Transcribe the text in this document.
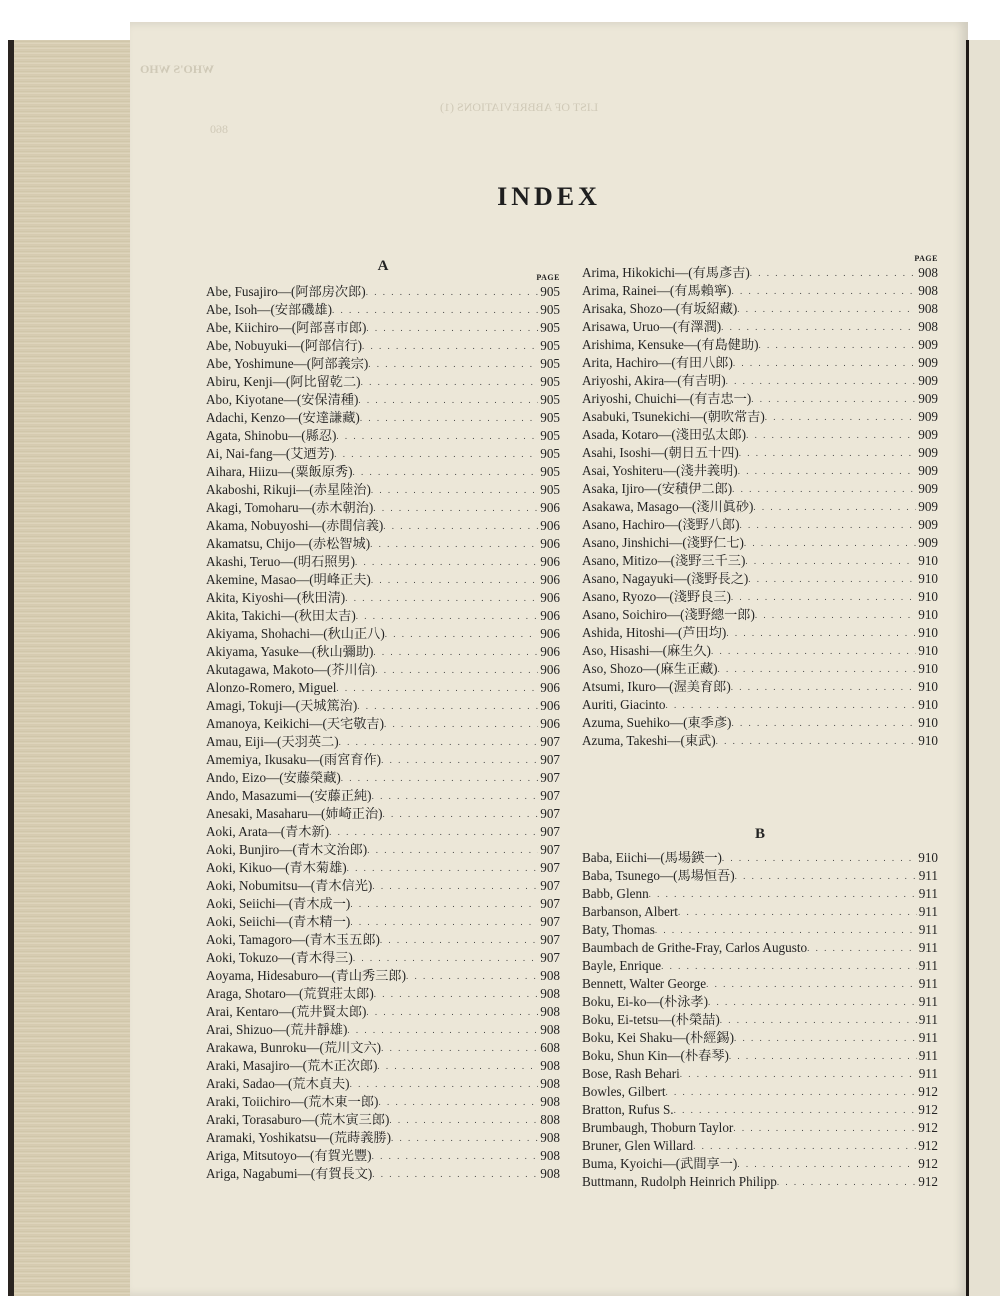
WHO'S WHO
LIST OF ABBREVIATIONS (1)
860
INDEX
A
PAGE
Abe, Fusajiro—(阿部房次郎) . . .	905
Abe, Isoh—(安部磯雄) . . .	905
Abe, Kiichiro—(阿部喜市郎) . . .	905
Abe, Nobuyuki—(阿部信行) . . .	905
Abe, Yoshimune—(阿部義宗) . . .	905
Abiru, Kenji—(阿比留乾二) . . .	905
Abo, Kiyotane—(安保清種) . . .	905
Adachi, Kenzo—(安達謙藏) . . .	905
Agata, Shinobu—(縣忍) . . .	905
Ai, Nai-fang—(艾迺芳) . . .	905
Aihara, Hiizu—(粟飯原秀) . . .	905
Akaboshi, Rikuji—(赤星陸治) . . .	905
Akagi, Tomoharu—(赤木朝治) . . .	906
Akama, Nobuyoshi—(赤間信義) . . .	906
Akamatsu, Chijo—(赤松智城) . . .	906
Akashi, Teruo—(明石照男) . . .	906
Akemine, Masao—(明峰正夫) . . .	906
Akita, Kiyoshi—(秋田淸) . . .	906
Akita, Takichi—(秋田太吉) . . .	906
Akiyama, Shohachi—(秋山正八) . . .	906
Akiyama, Yasuke—(秋山彌助) . . .	906
Akutagawa, Makoto—(芥川信) . . .	906
Alonzo-Romero, Miguel . . .	906
Amagi, Tokuji—(天城篤治) . . .	906
Amanoya, Keikichi—(天宅敬吉) . . .	906
Amau, Eiji—(天羽英二) . . .	907
Amemiya, Ikusaku—(雨宮育作) . . .	907
Ando, Eizo—(安藤榮藏) . . .	907
Ando, Masazumi—(安藤正純) . . .	907
Anesaki, Masaharu—(姉崎正治) . . .	907
Aoki, Arata—(青木新) . . .	907
Aoki, Bunjiro—(青木文治郎) . . .	907
Aoki, Kikuo—(青木菊雄) . . .	907
Aoki, Nobumitsu—(青木信光) . . .	907
Aoki, Seiichi—(青木成一) . . .	907
Aoki, Seiichi—(青木精一) . . .	907
Aoki, Tamagoro—(青木玉五郎) . . .	907
Aoki, Tokuzo—(青木得三) . . .	907
Aoyama, Hidesaburo—(青山秀三郎) . . .	908
Araga, Shotaro—(荒賀莊太郎) . . .	908
Arai, Kentaro—(荒井賢太郎) . . .	908
Arai, Shizuo—(荒井靜雄) . . .	908
Arakawa, Bunroku—(荒川文六) . . .	608
Araki, Masajiro—(荒木正次郎) . . .	908
Araki, Sadao—(荒木貞夫) . . .	908
Araki, Toiichiro—(荒木東一郎) . . .	908
Araki, Torasaburo—(荒木寅三郎) . . .	808
Aramaki, Yoshikatsu—(荒蒔義勝) . . .	908
Ariga, Mitsutoyo—(有賀光豐) . . .	908
Ariga, Nagabumi—(有賀長文) . . .	908
PAGE
Arima, Hikokichi—(有馬彥吉) . . .	908
Arima, Rainei—(有馬賴寧) . . .	908
Arisaka, Shozo—(有坂紹藏) . . .	908
Arisawa, Uruo—(有澤潤) . . .	908
Arishima, Kensuke—(有島健助) . . .	909
Arita, Hachiro—(有田八郎) . . .	909
Ariyoshi, Akira—(有吉明) . . .	909
Ariyoshi, Chuichi—(有吉忠一) . . .	909
Asabuki, Tsunekichi—(朝吹常吉) . . .	909
Asada, Kotaro—(淺田弘太郎) . . .	909
Asahi, Isoshi—(朝日五十四) . . .	909
Asai, Yoshiteru—(淺井義明) . . .	909
Asaka, Ijiro—(安積伊二郎) . . .	909
Asakawa, Masago—(淺川眞砂) . . .	909
Asano, Hachiro—(淺野八郎) . . .	909
Asano, Jinshichi—(淺野仁七) . . .	909
Asano, Mitizo—(淺野三千三) . . .	910
Asano, Nagayuki—(淺野長之) . . .	910
Asano, Ryozo—(淺野良三) . . .	910
Asano, Soichiro—(淺野總一郎) . . .	910
Ashida, Hitoshi—(芦田均) . . .	910
Aso, Hisashi—(麻生久) . . .	910
Aso, Shozo—(麻生正藏) . . .	910
Atsumi, Ikuro—(渥美育郎) . . .	910
Auriti, Giacinto . . .	910
Azuma, Suehiko—(東季彥) . . .	910
Azuma, Takeshi—(東武) . . .	910
B
Baba, Eiichi—(馬場鍈一) . . .	910
Baba, Tsunego—(馬場恒吾) . . .	911
Babb, Glenn . . .	911
Barbanson, Albert . . .	911
Baty, Thomas . . .	911
Baumbach de Grithe-Fray, Carlos Augusto . . .	911
Bayle, Enrique . . .	911
Bennett, Walter George . . .	911
Boku, Ei-ko—(朴泳孝) . . .	911
Boku, Ei-tetsu—(朴榮喆) . . .	911
Boku, Kei Shaku—(朴經錫) . . .	911
Boku, Shun Kin—(朴春琴) . . .	911
Bose, Rash Behari . . .	911
Bowles, Gilbert . . .	912
Bratton, Rufus S. . . .	912
Brumbaugh, Thoburn Taylor . . .	912
Bruner, Glen Willard . . .	912
Buma, Kyoichi—(武間享一) . . .	912
Buttmann, Rudolph Heinrich Philipp . . .	912
